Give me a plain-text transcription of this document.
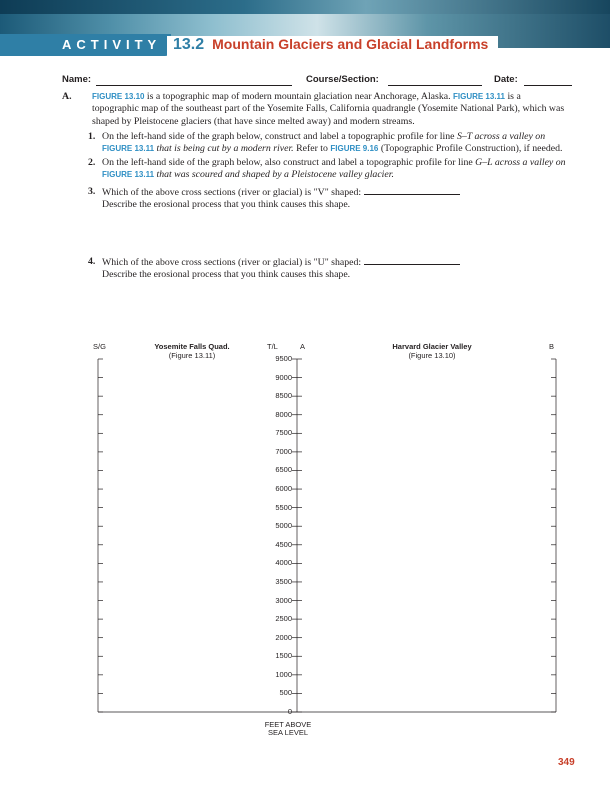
ACTIVITY 13.2 Mountain Glaciers and Glacial Landforms
Name:	Course/Section:	Date:
A.	FIGURE 13.10 is a topographic map of modern mountain glaciation near Anchorage, Alaska. FIGURE 13.11 is a topographic map of the southeast part of the Yosemite Falls, California quadrangle (Yosemite National Park), which was shaped by Pleistocene glaciers (that have since melted away) and modern streams.
1. On the left-hand side of the graph below, construct and label a topographic profile for line S–T across a valley on
FIGURE 13.11 that is being cut by a modern river. Refer to FIGURE 9.16 (Topographic Profile Construction), if needed.
2. On the left-hand side of the graph below, also construct and label a topographic profile for line G–L across a valley on
FIGURE 13.11 that was scoured and shaped by a Pleistocene valley glacier.
3. Which of the above cross sections (river or glacial) is "V" shaped:
Describe the erosional process that you think causes this shape.
4. Which of the above cross sections (river or glacial) is "U" shaped:
Describe the erosional process that you think causes this shape.
S/G	Yosemite Falls Quad.
(Figure 13.11)
T/L	A	Harvard Glacier Valley
(Figure 13.10)
B
9500
9000
8500
8000
7500
7000
6500
6000
5500
5000
4500
4000
3500
3000
2500
2000
1500
1000
500
0
FEET ABOVE
SEA LEVEL
349
